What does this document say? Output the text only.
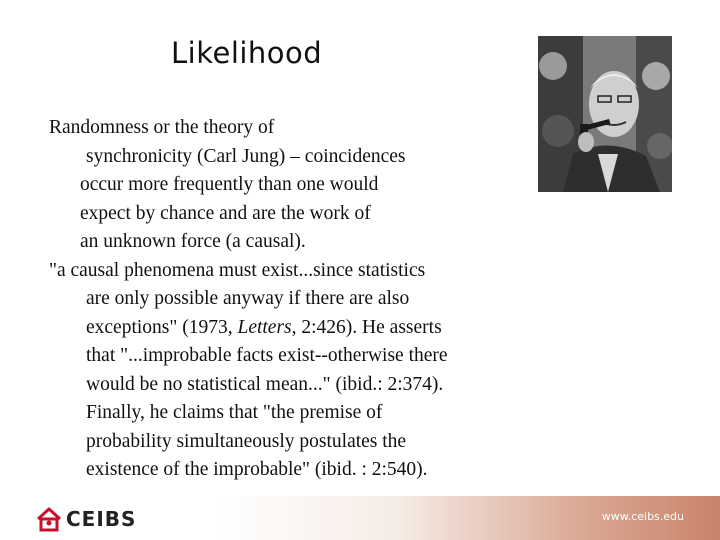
Likelihood
Randomness or the theory of
synchronicity (Carl Jung) – coincidences
occur more frequently than one would
expect by chance and are the work of
an unknown force (a causal).
"a causal phenomena must exist...since statistics
are only possible anyway if there are also
exceptions" (1973, Letters, 2:426). He asserts
that "...improbable facts exist--otherwise there
would be no statistical mean..." (ibid.: 2:374).
Finally, he claims that "the premise of
probability simultaneously postulates the
existence of the improbable" (ibid. : 2:540).
CEIBS	www.ceibs.edu
